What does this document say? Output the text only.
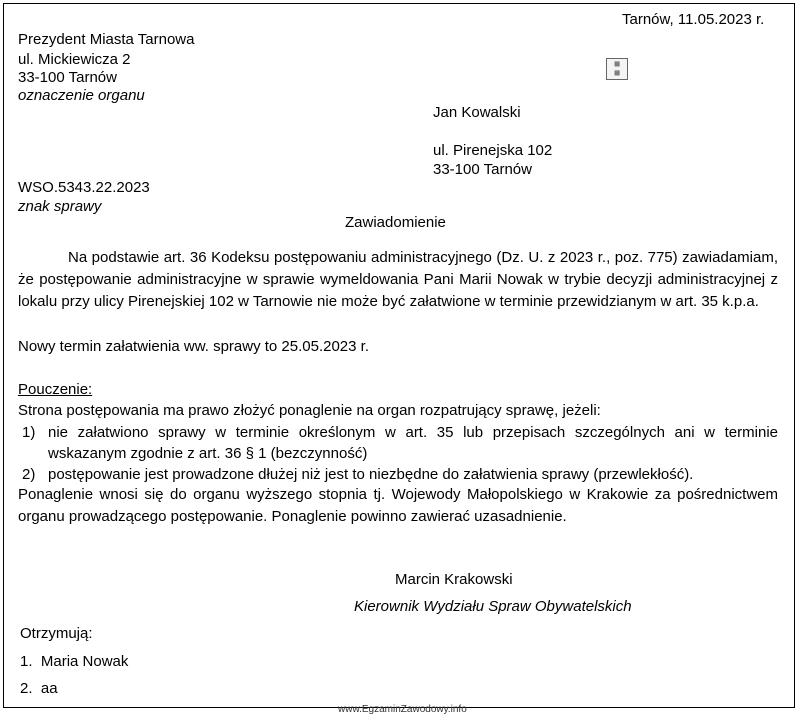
Tarnów, 11.05.2023 r.
Prezydent Miasta Tarnowa
ul. Mickiewicza 2
33-100 Tarnów
oznaczenie organu
▦
▦
Jan Kowalski
ul. Pirenejska 102
33-100 Tarnów
WSO.5343.22.2023
znak sprawy
Zawiadomienie
Na podstawie art. 36 Kodeksu postępowaniu administracyjnego (Dz. U. z 2023 r., poz. 775) zawiadamiam, że postępowanie administracyjne w sprawie wymeldowania Pani Marii Nowak w trybie decyzji administracyjnej z lokalu przy ulicy Pirenejskiej 102 w Tarnowie nie może być załatwione w terminie przewidzianym w art. 35 k.p.a.
Nowy termin załatwienia ww. sprawy to 25.05.2023 r.
Pouczenie:
Strona postępowania ma prawo złożyć ponaglenie na organ rozpatrujący sprawę, jeżeli:
1) nie załatwiono sprawy w terminie określonym w art. 35 lub przepisach szczególnych ani w terminie wskazanym zgodnie z art. 36 § 1 (bezczynność)
2) postępowanie jest prowadzone dłużej niż jest to niezbędne do załatwienia sprawy (przewlekłość).
Ponaglenie wnosi się do organu wyższego stopnia tj. Wojewody Małopolskiego w Krakowie za pośrednictwem organu prowadzącego postępowanie. Ponaglenie powinno zawierać uzasadnienie.
Marcin Krakowski
Kierownik Wydziału Spraw Obywatelskich
Otrzymują:
1. Maria Nowak
2. aa
www.EgzaminZawodowy.info
